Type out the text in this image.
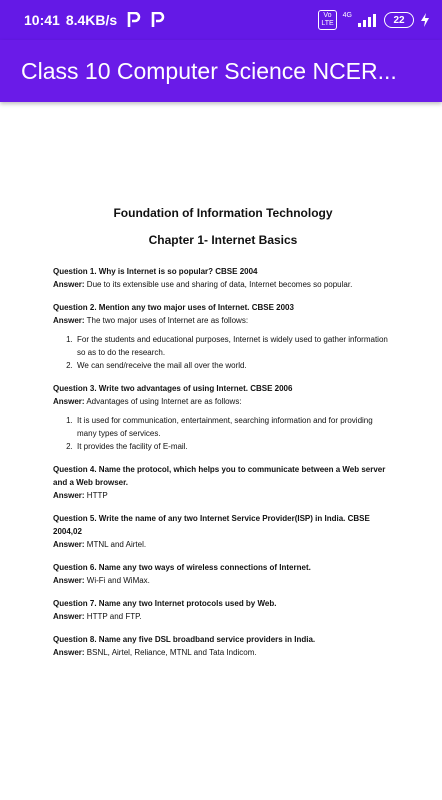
10:41 8.4KB/s	Vo
LTE
4G	22
Class 10 Computer Science NCER...

Foundation of Information Technology

Chapter 1- Internet Basics

Question 1. Why is Internet is so popular? CBSE 2004
Answer: Due to its extensible use and sharing of data, Internet becomes so popular.
Question 2. Mention any two major uses of Internet. CBSE 2003
Answer: The two major uses of Internet are as follows:
1. For the students and educational purposes, Internet is widely used to gather information so as to do the research.
2. We can send/receive the mail all over the world.
Question 3. Write two advantages of using Internet. CBSE 2006
Answer: Advantages of using Internet are as follows:
1. It is used for communication, entertainment, searching information and for providing many types of services.
2. It provides the facility of E-mail.
Question 4. Name the protocol, which helps you to communicate between a Web server and a Web browser.
Answer: HTTP
Question 5. Write the name of any two Internet Service Provider(ISP) in India. CBSE 2004,02
Answer: MTNL and Airtel.
Question 6. Name any two ways of wireless connections of Internet.
Answer: Wi-Fi and WiMax.
Question 7. Name any two Internet protocols used by Web.
Answer: HTTP and FTP.
Question 8. Name any five DSL broadband service providers in India.
Answer: BSNL, Airtel, Reliance, MTNL and Tata Indicom.
